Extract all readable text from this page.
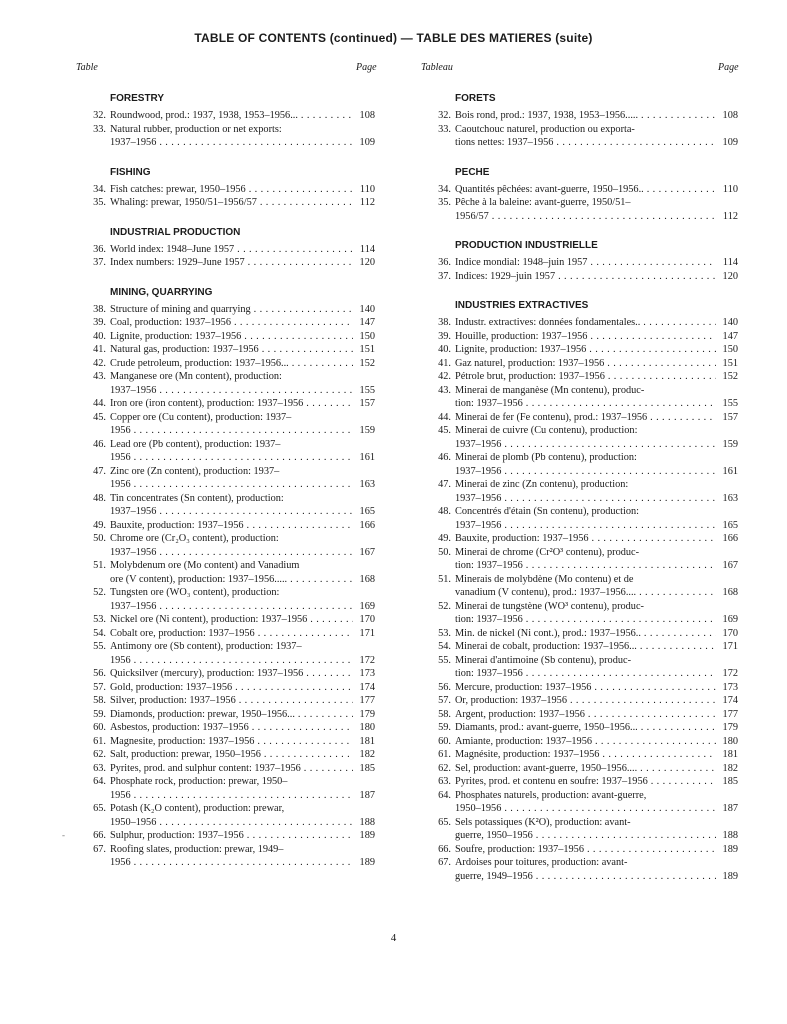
TABLE OF CONTENTS (continued) — TABLE DES MATIERES (suite)
Table	Page	Tableau	Page
FORESTRY
32. Roundwood, prod.: 1937, 1938, 1953–1956... . . .	108
33. Natural rubber, production or net exports:
1937–1956 . . .	109
FISHING
34. Fish catches: prewar, 1950–1956 . . .	110
35. Whaling: prewar, 1950/51–1956/57 . . .	112
INDUSTRIAL PRODUCTION
36. World index: 1948–June 1957 . . .	114
37. Index numbers: 1929–June 1957 . . .	120
MINING, QUARRYING
38. Structure of mining and quarrying . . .	140
39. Coal, production: 1937–1956 . . .	147
40. Lignite, production: 1937–1956 . . .	150
41. Natural gas, production: 1937–1956 . . .	151
42. Crude petroleum, production: 1937–1956... . . .	152
43. Manganese ore (Mn content), production:
1937–1956 . . .	155
44. Iron ore (iron content), production: 1937–1956 . . .	157
45. Copper ore (Cu content), production: 1937–
1956 . . .	159
46. Lead ore (Pb content), production: 1937–
1956 . . .	161
47. Zinc ore (Zn content), production: 1937–
1956 . . .	163
48. Tin concentrates (Sn content), production:
1937–1956 . . .	165
49. Bauxite, production: 1937–1956 . . .	166
50. Chrome ore (Cr₂O₃ content), production:
1937–1956 . . .	167
51. Molybdenum ore (Mo content) and Vanadium
ore (V content), production: 1937–1956..... . . .	168
52. Tungsten ore (WO₃ content), production:
1937–1956 . . .	169
53. Nickel ore (Ni content), production: 1937–1956 . . .	170
54. Cobalt ore, production: 1937–1956 . . .	171
55. Antimony ore (Sb content), production: 1937–
1956 . . .	172
56. Quicksilver (mercury), production: 1937–1956 . . .	173
57. Gold, production: 1937–1956 . . .	174
58. Silver, production: 1937–1956 . . .	177
59. Diamonds, production: prewar, 1950–1956... . . .	179
60. Asbestos, production: 1937–1956 . . .	180
61. Magnesite, production: 1937–1956 . . .	181
62. Salt, production: prewar, 1950–1956 . . .	182
63. Pyrites, prod. and sulphur content: 1937–1956 . . .	185
64. Phosphate rock, production: prewar, 1950–
1956 . . .	187
65. Potash (K₂O content), production: prewar,
1950–1956 . . .	188
66. Sulphur, production: 1937–1956 . . .	189
67. Roofing slates, production: prewar, 1949–
1956 . . .	189
FORETS
32. Bois rond, prod.: 1937, 1938, 1953–1956..... . . .	108
33. Caoutchouc naturel, production ou exporta-
tions nettes: 1937–1956 . . .	109
PECHE
34. Quantités pêchées: avant-guerre, 1950–1956.. . . .	110
35. Pêche à la baleine: avant-guerre, 1950/51–
1956/57 . . .	112
PRODUCTION INDUSTRIELLE
36. Indice mondial: 1948–juin 1957 . . .	114
37. Indices: 1929–juin 1957 . . .	120
INDUSTRIES EXTRACTIVES
38. Industr. extractives: données fondamentales.. . . .	140
39. Houille, production: 1937–1956 . . .	147
40. Lignite, production: 1937–1956 . . .	150
41. Gaz naturel, production: 1937–1956 . . .	151
42. Pétrole brut, production: 1937–1956 . . .	152
43. Minerai de manganèse (Mn contenu), produc-
tion: 1937–1956 . . .	155
44. Minerai de fer (Fe contenu), prod.: 1937–1956 . . .	157
45. Minerai de cuivre (Cu contenu), production:
1937–1956 . . .	159
46. Minerai de plomb (Pb contenu), production:
1937–1956 . . .	161
47. Minerai de zinc (Zn contenu), production:
1937–1956 . . .	163
48. Concentrés d'étain (Sn contenu), production:
1937–1956 . . .	165
49. Bauxite, production: 1937–1956 . . .	166
50. Minerai de chrome (Cr²O³ contenu), produc-
tion: 1937–1956 . . .	167
51. Minerais de molybdène (Mo contenu) et de
vanadium (V contenu), prod.: 1937–1956.... . . .	168
52. Minerai de tungstène (WO³ contenu), produc-
tion: 1937–1956 . . .	169
53. Min. de nickel (Ni cont.), prod.: 1937–1956.. . . .	170
54. Minerai de cobalt, production: 1937–1956... . . .	171
55. Minerai d'antimoine (Sb contenu), produc-
tion: 1937–1956 . . .	172
56. Mercure, production: 1937–1956 . . .	173
57. Or, production: 1937–1956 . . .	174
58. Argent, production: 1937–1956 . . .	177
59. Diamants, prod.: avant-guerre, 1950–1956... . . .	179
60. Amiante, production: 1937–1956 . . .	180
61. Magnésite, production: 1937–1956 . . .	181
62. Sel, production: avant-guerre, 1950–1956.... . . .	182
63. Pyrites, prod. et contenu en soufre: 1937–1956 . . .	185
64. Phosphates naturels, production: avant-guerre,
1950–1956 . . .	187
65. Sels potassiques (K²O), production: avant-
guerre, 1950–1956 . . .	188
66. Soufre, production: 1937–1956 . . .	189
67. Ardoises pour toitures, production: avant-
guerre, 1949–1956 . . .	189
4
-
